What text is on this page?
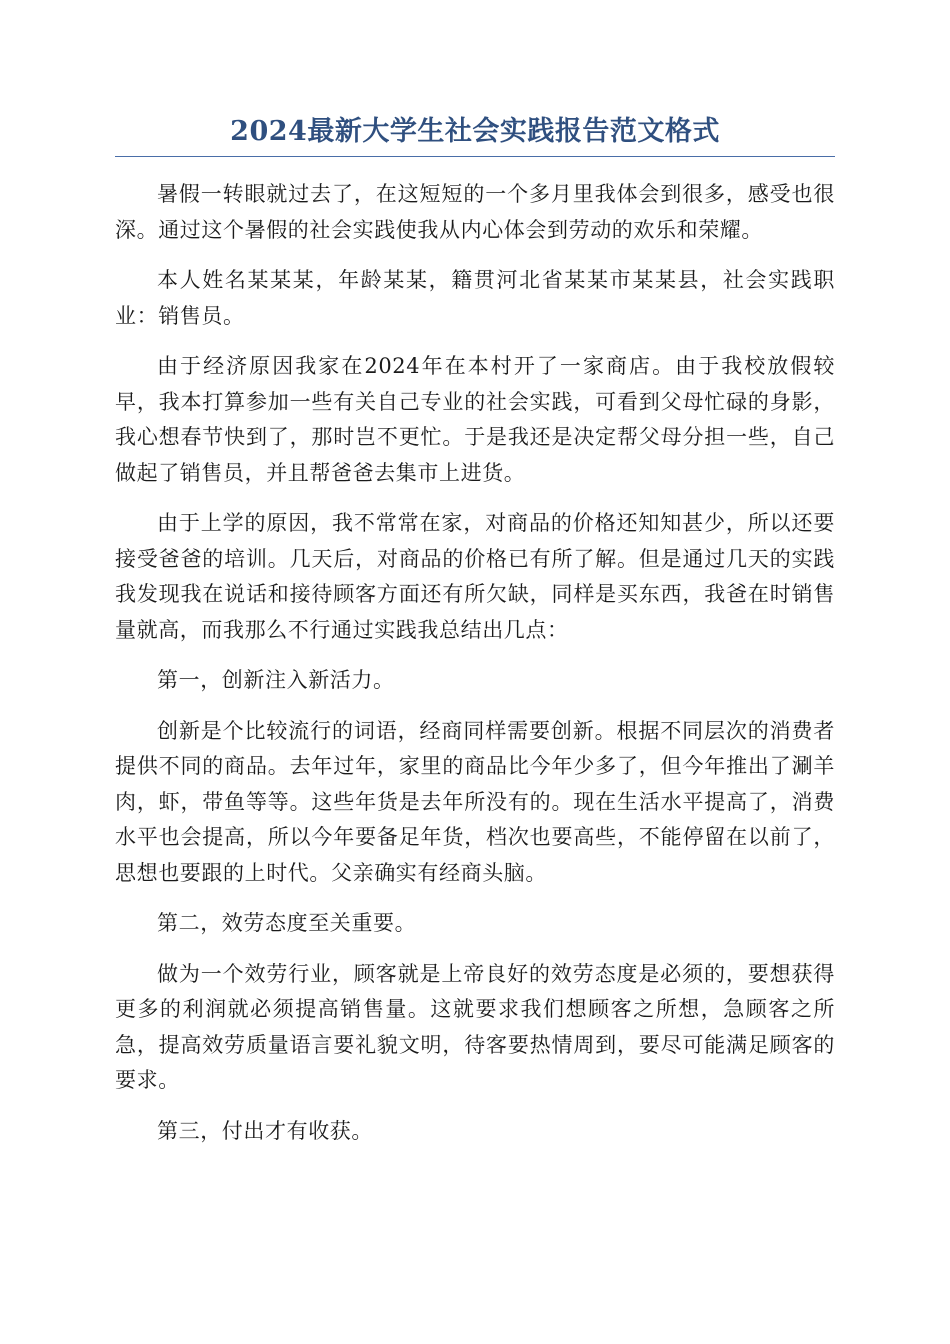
2024最新大学生社会实践报告范文格式

暑假一转眼就过去了，在这短短的一个多月里我体会到很多，感受也很深。通过这个暑假的社会实践使我从内心体会到劳动的欢乐和荣耀。

本人姓名某某某，年龄某某，籍贯河北省某某市某某县，社会实践职业：销售员。

由于经济原因我家在2024年在本村开了一家商店。由于我校放假较早，我本打算参加一些有关自己专业的社会实践，可看到父母忙碌的身影，我心想春节快到了，那时岂不更忙。于是我还是决定帮父母分担一些，自己做起了销售员，并且帮爸爸去集市上进货。

由于上学的原因，我不常常在家，对商品的价格还知知甚少，所以还要接受爸爸的培训。几天后，对商品的价格已有所了解。但是通过几天的实践我发现我在说话和接待顾客方面还有所欠缺，同样是买东西，我爸在时销售量就高，而我那么不行通过实践我总结出几点：

第一，创新注入新活力。

创新是个比较流行的词语，经商同样需要创新。根据不同层次的消费者提供不同的商品。去年过年，家里的商品比今年少多了，但今年推出了涮羊肉，虾，带鱼等等。这些年货是去年所没有的。现在生活水平提高了，消费水平也会提高，所以今年要备足年货，档次也要高些，不能停留在以前了，思想也要跟的上时代。父亲确实有经商头脑。

第二，效劳态度至关重要。

做为一个效劳行业，顾客就是上帝良好的效劳态度是必须的，要想获得更多的利润就必须提高销售量。这就要求我们想顾客之所想，急顾客之所急，提高效劳质量语言要礼貌文明，待客要热情周到，要尽可能满足顾客的要求。

第三，付出才有收获。
